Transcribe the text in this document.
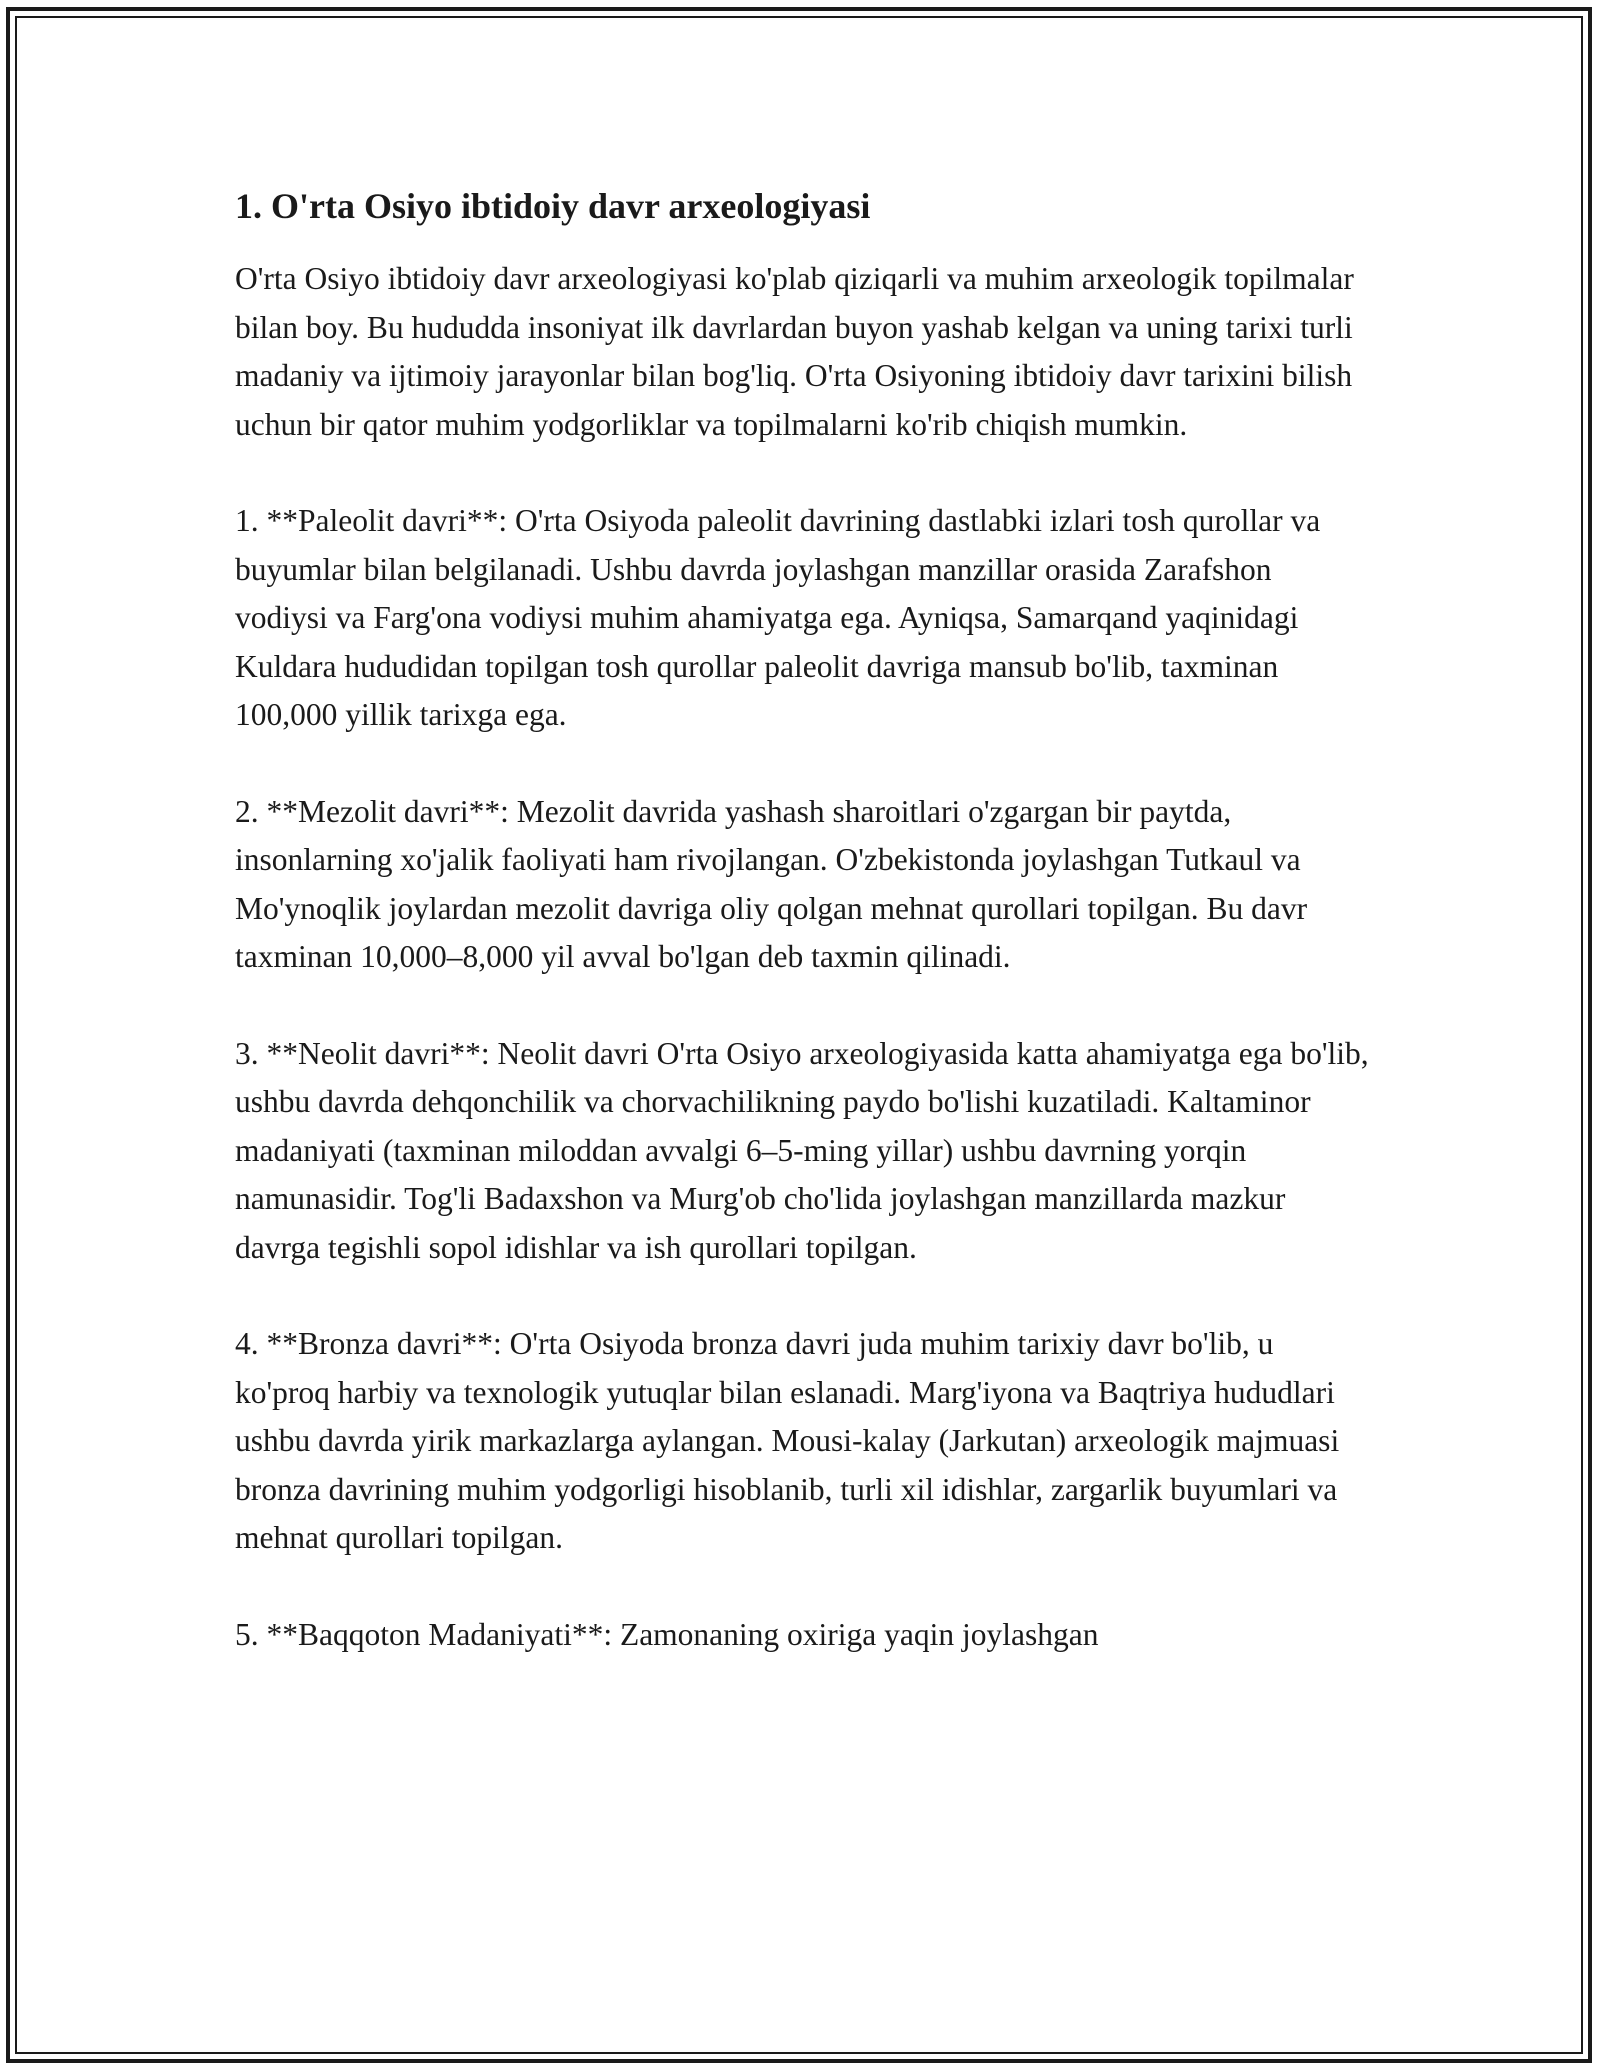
1. O'rta Osiyo ibtidoiy davr arxeologiyasi

O'rta Osiyo ibtidoiy davr arxeologiyasi ko'plab qiziqarli va muhim arxeologik topilmalar bilan boy. Bu hududda insoniyat ilk davrlardan buyon yashab kelgan va uning tarixi turli madaniy va ijtimoiy jarayonlar bilan bog'liq. O'rta Osiyoning ibtidoiy davr tarixini bilish uchun bir qator muhim yodgorliklar va topilmalarni ko'rib chiqish mumkin.

1. **Paleolit davri**: O'rta Osiyoda paleolit davrining dastlabki izlari tosh qurollar va buyumlar bilan belgilanadi. Ushbu davrda joylashgan manzillar orasida Zarafshon vodiysi va Farg'ona vodiysi muhim ahamiyatga ega. Ayniqsa, Samarqand yaqinidagi Kuldara hududidan topilgan tosh qurollar paleolit davriga mansub bo'lib, taxminan 100,000 yillik tarixga ega.

2. **Mezolit davri**: Mezolit davrida yashash sharoitlari o'zgargan bir paytda, insonlarning xo'jalik faoliyati ham rivojlangan. O'zbekistonda joylashgan Tutkaul va Mo'ynoqlik joylardan mezolit davriga oliy qolgan mehnat qurollari topilgan. Bu davr taxminan 10,000–8,000 yil avval bo'lgan deb taxmin qilinadi.

3. **Neolit davri**: Neolit davri O'rta Osiyo arxeologiyasida katta ahamiyatga ega bo'lib, ushbu davrda dehqonchilik va chorvachilikning paydo bo'lishi kuzatiladi. Kaltaminor madaniyati (taxminan miloddan avvalgi 6–5-ming yillar) ushbu davrning yorqin namunasidir. Tog'li Badaxshon va Murg'ob cho'lida joylashgan manzillarda mazkur davrga tegishli sopol idishlar va ish qurollari topilgan.

4. **Bronza davri**: O'rta Osiyoda bronza davri juda muhim tarixiy davr bo'lib, u ko'proq harbiy va texnologik yutuqlar bilan eslanadi. Marg'iyona va Baqtriya hududlari ushbu davrda yirik markazlarga aylangan. Mousi-kalay (Jarkutan) arxeologik majmuasi bronza davrining muhim yodgorligi hisoblanib, turli xil idishlar, zargarlik buyumlari va mehnat qurollari topilgan.

5. **Baqqoton Madaniyati**: Zamonaning oxiriga yaqin joylashgan
